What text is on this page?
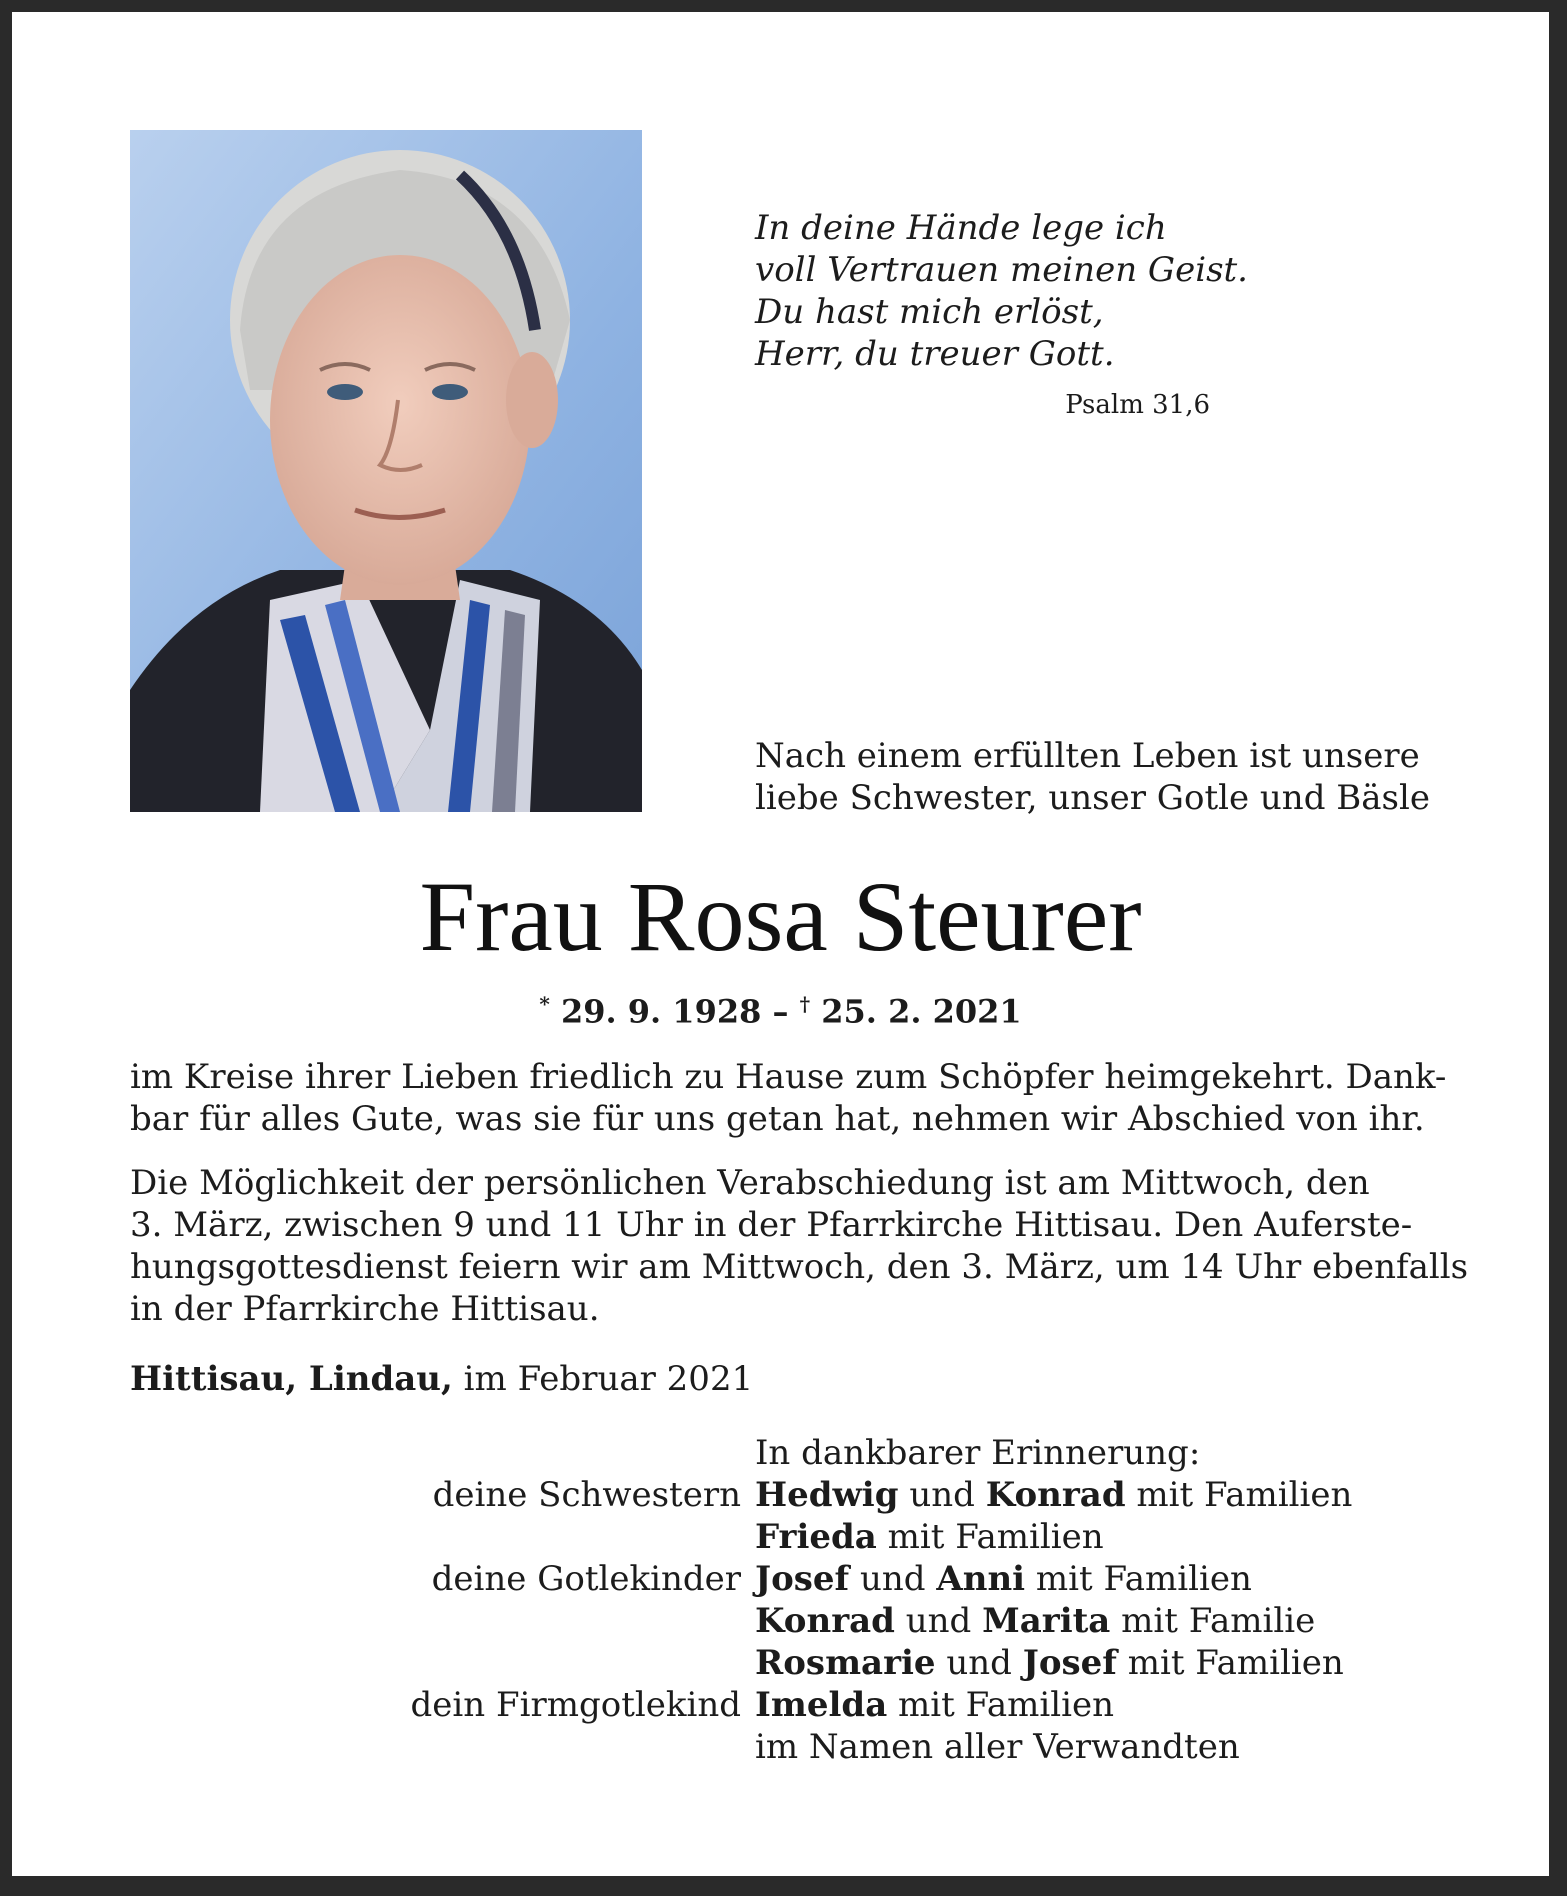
In deine Hände lege ich
voll Vertrauen meinen Geist.
Du hast mich erlöst,
Herr, du treuer Gott.
Psalm 31,6
Nach einem erfüllten Leben ist unsere
liebe Schwester, unser Gotle und Bäsle
Frau Rosa Steurer
* 29. 9. 1928 – † 25. 2. 2021
im Kreise ihrer Lieben friedlich zu Hause zum Schöpfer heimgekehrt. Dank-
bar für alles Gute, was sie für uns getan hat, nehmen wir Abschied von ihr.
Die Möglichkeit der persönlichen Verabschiedung ist am Mittwoch, den
3. März, zwischen 9 und 11 Uhr in der Pfarrkirche Hittisau. Den Auferste-
hungsgottesdienst feiern wir am Mittwoch, den 3. März, um 14 Uhr ebenfalls
in der Pfarrkirche Hittisau.
Hittisau, Lindau, im Februar 2021
In dankbarer Erinnerung:
deine Schwestern Hedwig und Konrad mit Familien
Frieda mit Familien
deine Gotlekinder Josef und Anni mit Familien
Konrad und Marita mit Familie
Rosmarie und Josef mit Familien
dein Firmgotlekind Imelda mit Familien
im Namen aller Verwandten
